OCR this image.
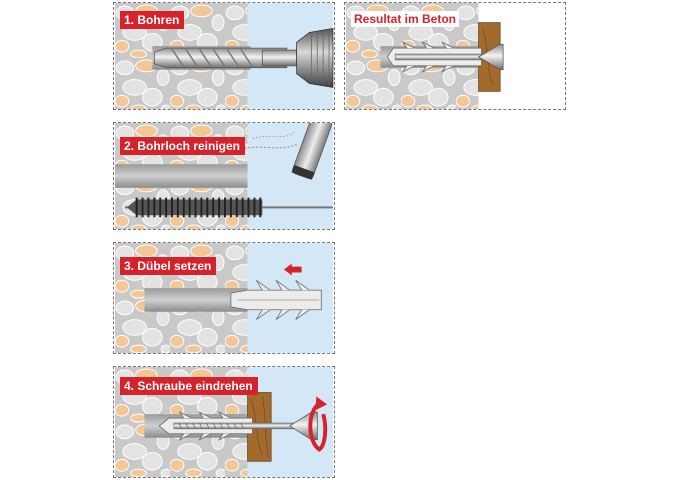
1. Bohren
2. Bohrloch reinigen
3. Dübel setzen
4. Schraube eindrehen
Resultat im Beton
